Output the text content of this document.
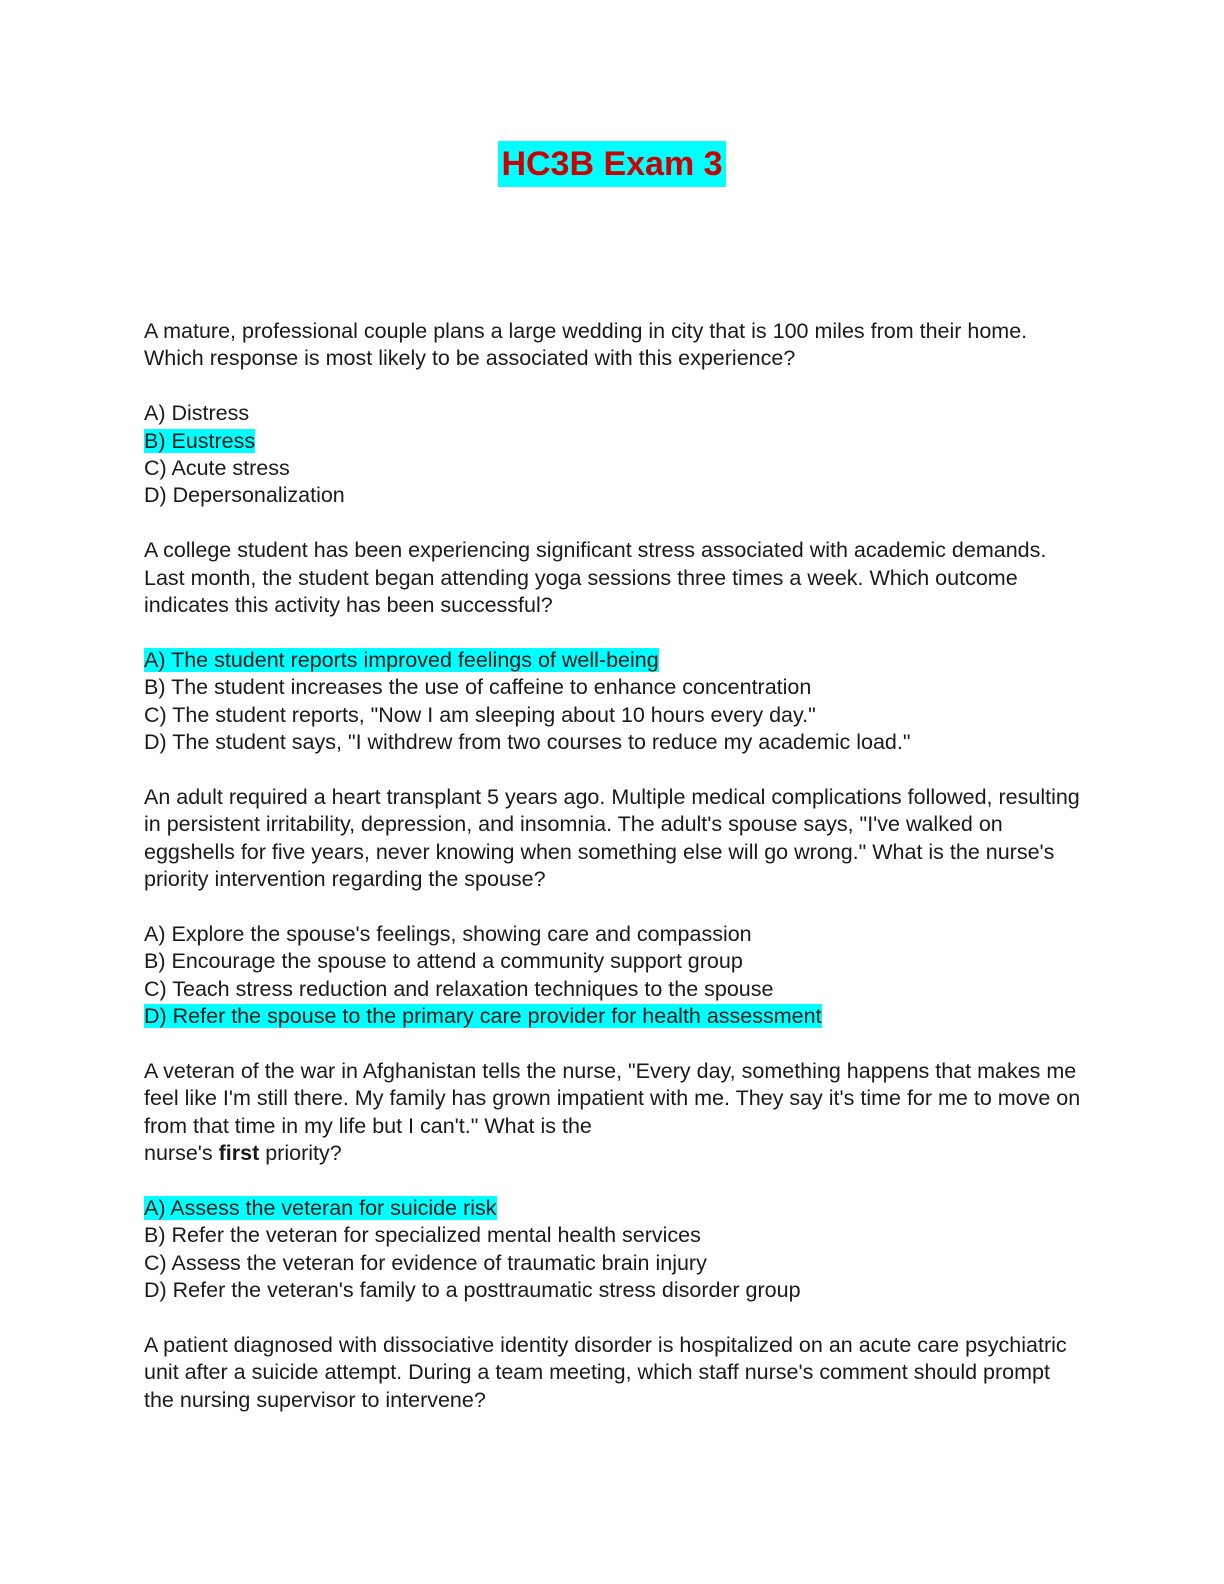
HC3B Exam 3

A mature, professional couple plans a large wedding in city that is 100 miles from their home. Which response is most likely to be associated with this experience?

A) Distress
B) Eustress
C) Acute stress
D) Depersonalization

A college student has been experiencing significant stress associated with academic demands. Last month, the student began attending yoga sessions three times a week. Which outcome indicates this activity has been successful?

A) The student reports improved feelings of well-being
B) The student increases the use of caffeine to enhance concentration
C) The student reports, "Now I am sleeping about 10 hours every day."
D) The student says, "I withdrew from two courses to reduce my academic load."

An adult required a heart transplant 5 years ago. Multiple medical complications followed, resulting in persistent irritability, depression, and insomnia. The adult's spouse says, "I've walked on eggshells for five years, never knowing when something else will go wrong." What is the nurse's priority intervention regarding the spouse?

A) Explore the spouse's feelings, showing care and compassion
B) Encourage the spouse to attend a community support group
C) Teach stress reduction and relaxation techniques to the spouse
D) Refer the spouse to the primary care provider for health assessment

A veteran of the war in Afghanistan tells the nurse, "Every day, something happens that makes me feel like I'm still there. My family has grown impatient with me. They say it's time for me to move on from that time in my life but I can't." What is the
nurse's first priority?

A) Assess the veteran for suicide risk
B) Refer the veteran for specialized mental health services
C) Assess the veteran for evidence of traumatic brain injury
D) Refer the veteran's family to a posttraumatic stress disorder group

A patient diagnosed with dissociative identity disorder is hospitalized on an acute care psychiatric unit after a suicide attempt. During a team meeting, which staff nurse's comment should prompt the nursing supervisor to intervene?
